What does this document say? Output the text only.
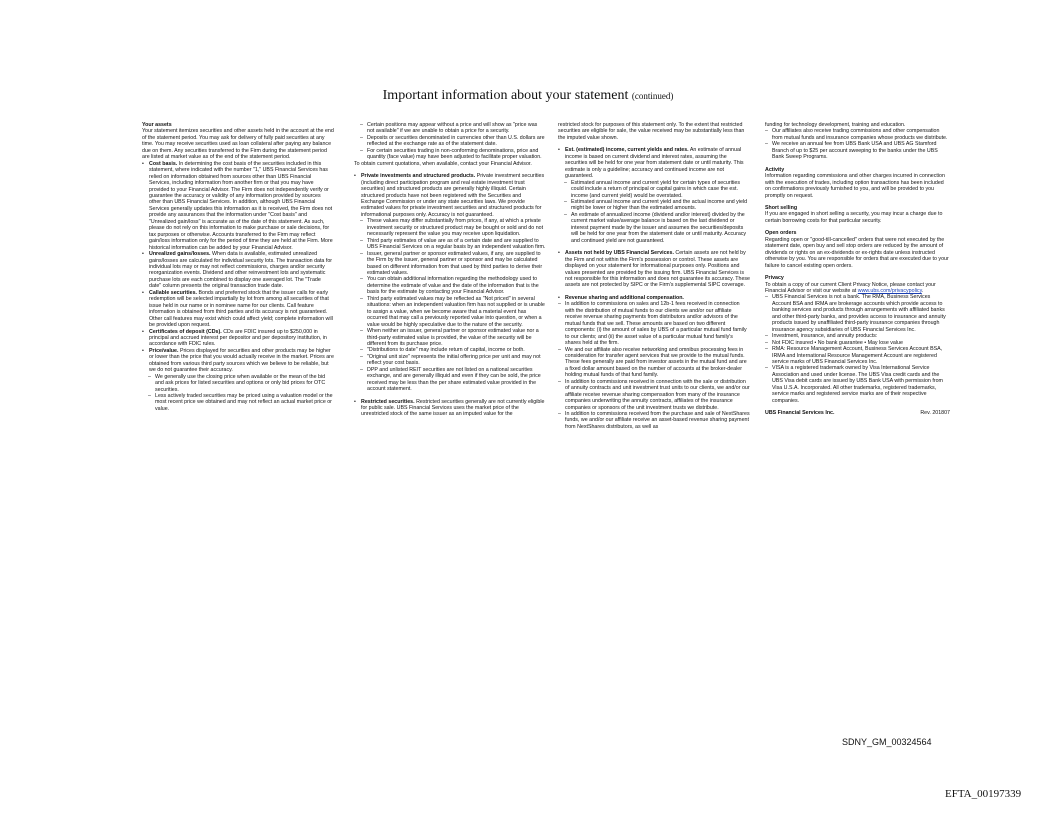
Important information about your statement (continued)

Your assets

Your statement itemizes securities and other assets held in the account at the end of the statement period. You may ask for delivery of fully paid securities at any time. You may receive securities used as loan collateral after paying any balance due on them. Any securities transferred to the Firm during the statement period are listed at market value as of the end of the statement period.

• Cost basis. In determining the cost basis of the securities included in this statement, where indicated with the number "1," UBS Financial Services has relied on information obtained from sources other than UBS Financial Services, including information from another firm or that you may have provided to your Financial Advisor. The Firm does not independently verify or guarantee the accuracy or validity of any information provided by sources other than UBS Financial Services. In addition, although UBS Financial Services generally updates this information as it is received, the Firm does not provide any assurances that the information under "Cost basis" and "Unrealized gain/loss" is accurate as of the date of this statement. As such, please do not rely on this information to make purchase or sale decisions, for tax purposes or otherwise. Accounts transferred to the Firm may reflect gain/loss information only for the period of time they are held at the Firm. More historical information can be added by your Financial Advisor.

• Unrealized gains/losses. When data is available, estimated unrealized gains/losses are calculated for individual security lots. The transaction data for individual lots may or may not reflect commissions, charges and/or security reorganization events. Dividend and other reinvestment lots and systematic purchase lots are each combined to display one averaged lot. The "Trade date" column presents the original transaction trade date.

• Callable securities. Bonds and preferred stock that the issuer calls for early redemption will be selected impartially by lot from among all securities of that issue held in our name or in nominee name for our clients. Call feature information is obtained from third parties and its accuracy is not guaranteed. Other call features may exist which could affect yield; complete information will be provided upon request.

• Certificates of deposit (CDs). CDs are FDIC insured up to $250,000 in principal and accrued interest per depositor and per depository institution, in accordance with FDIC rules.

• Price/value. Prices displayed for securities and other products may be higher or lower than the price that you would actually receive in the market. Prices are obtained from various third party sources which we believe to be reliable, but we do not guarantee their accuracy.

– We generally use the closing price when available or the mean of the bid and ask prices for listed securities and options or only bid prices for OTC securities.

– Less actively traded securities may be priced using a valuation model or the most recent price we obtained and may not reflect an actual market price or value.

– Certain positions may appear without a price and will show as "price was not available" if we are unable to obtain a price for a security.

– Deposits or securities denominated in currencies other than U.S. dollars are reflected at the exchange rate as of the statement date.

– For certain securities trading in non-conforming denominations, price and quantity (face value) may have been adjusted to facilitate proper valuation.

To obtain current quotations, when available, contact your Financial Advisor.

• Private investments and structured products. Private investment securities (including direct participation program and real estate investment trust securities) and structured products are generally highly illiquid. Certain structured products have not been registered with the Securities and Exchange Commission or under any state securities laws. We provide estimated values for private investment securities and structured products for informational purposes only. Accuracy is not guaranteed.

– These values may differ substantially from prices, if any, at which a private investment security or structured product may be bought or sold and do not necessarily represent the value you may receive upon liquidation.

– Third party estimates of value are as of a certain date and are supplied to UBS Financial Services on a regular basis by an independent valuation firm.

– Issuer, general partner or sponsor estimated values, if any, are supplied to the Firm by the issuer, general partner or sponsor and may be calculated based on different information from that used by third parties to derive their estimated values.

– You can obtain additional information regarding the methodology used to determine the estimate of value and the date of the information that is the basis for the estimate by contacting your Financial Advisor.

– Third party estimated values may be reflected as "Not priced" in several situations: when an independent valuation firm has not supplied or is unable to assign a value, when we become aware that a material event has occurred that may call a previously reported value into question, or when a value would be highly speculative due to the nature of the security.

– When neither an issuer, general partner or sponsor estimated value nor a third-party estimated value is provided, the value of the security will be different from its purchase price.

– "Distributions to date" may include return of capital, income or both.

– "Original unit size" represents the initial offering price per unit and may not reflect your cost basis.

– DPP and unlisted REIT securities are not listed on a national securities exchange, and are generally illiquid and even if they can be sold, the price received may be less than the per share estimated value provided in the account statement.

• Restricted securities. Restricted securities generally are not currently eligible for public sale. UBS Financial Services uses the market price of the unrestricted stock of the same issuer as an imputed value for the

restricted stock for purposes of this statement only. To the extent that restricted securities are eligible for sale, the value received may be substantially less than the imputed value shown.

• Est. (estimated) income, current yields and rates. An estimate of annual income is based on current dividend and interest rates, assuming the securities will be held for one year from statement date or until maturity. This estimate is only a guideline; accuracy and continued income are not guaranteed.

– Estimated annual income and current yield for certain types of securities could include a return of principal or capital gains in which case the est. income (and current yield) would be overstated.

– Estimated annual income and current yield and the actual income and yield might be lower or higher than the estimated amounts.

– An estimate of annualized income (dividend and/or interest) divided by the current market value/average balance is based on the last dividend or interest payment made by the issuer and assumes the securities/deposits will be held for one year from the statement date or until maturity. Accuracy and continued yield are not guaranteed.

• Assets not held by UBS Financial Services. Certain assets are not held by the Firm and not within the Firm's possession or control. These assets are displayed on your statement for informational purposes only. Positions and values presented are provided by the issuing firm. UBS Financial Services is not responsible for this information and does not guarantee its accuracy. These assets are not protected by SIPC or the Firm's supplemental SIPC coverage.

• Revenue sharing and additional compensation.

– In addition to commissions on sales and 12b-1 fees received in connection with the distribution of mutual funds to our clients we and/or our affiliate receive revenue sharing payments from distributors and/or advisors of the mutual funds that we sell. These amounts are based on two different components: (i) the amount of sales by UBS of a particular mutual fund family to our clients; and (ii) the asset value of a particular mutual fund family's shares held at the firm.

– We and our affiliate also receive networking and omnibus processing fees in consideration for transfer agent services that we provide to the mutual funds. These fees generally are paid from investor assets in the mutual fund and are a fixed dollar amount based on the number of accounts at the broker-dealer holding mutual funds of that fund family.

– In addition to commissions received in connection with the sale or distribution of annuity contracts and unit investment trust units to our clients, we and/or our affiliate receive revenue sharing compensation from many of the insurance companies underwriting the annuity contracts, affiliates of the insurance companies or sponsors of the unit investment trusts we distribute.

– In addition to commissions received from the purchase and sale of NextShares funds, we and/or our affiliate receive an asset-based revenue sharing payment from NextShares distributors, as well as

funding for technology development, training and education.

– Our affiliates also receive trading commissions and other compensation from mutual funds and insurance companies whose products we distribute.

– We receive an annual fee from UBS Bank USA and UBS AG Stamford Branch of up to $25 per account sweeping to the banks under the UBS Bank Sweep Programs.

Activity

Information regarding commissions and other charges incurred in connection with the execution of trades, including option transactions has been included on confirmations previously furnished to you, and will be provided to you promptly on request.

Short selling

If you are engaged in short selling a security, you may incur a charge due to certain borrowing costs for that particular security.

Open orders

Regarding open or "good-till-cancelled" orders that were not executed by the statement date, open buy and sell stop orders are reduced by the amount of dividends or rights on an ex-dividends or ex-rights date unless instructed otherwise by you. You are responsible for orders that are executed due to your failure to cancel existing open orders.

Privacy

To obtain a copy of our current Client Privacy Notice, please contact your Financial Advisor or visit our website at www.ubs.com/privacypolicy.

– UBS Financial Services is not a bank. The RMA, Business Services Account BSA and IRMA are brokerage accounts which provide access to banking services and products through arrangements with affiliated banks and other third-party banks, and provides access to insurance and annuity products issued by unaffiliated third-party insurance companies through insurance agency subsidiaries of UBS Financial Services Inc.

– Investment, insurance, and annuity products:

– Not FDIC insured • No bank guarantee • May lose value

– RMA: Resource Management Account, Business Services Account BSA, IRMA and International Resource Management Account are registered service marks of UBS Financial Services Inc.

– VISA is a registered trademark owned by Visa International Service Association and used under license. The UBS Visa credit cards and the UBS Visa debit cards are issued by UBS Bank USA with permission from Visa U.S.A. Incorporated. All other trademarks, registered trademarks, service marks and registered service marks are of their respective companies.

UBS Financial Services Inc.	Rev. 201807
SDNY_GM_00324564
EFTA_00197339
